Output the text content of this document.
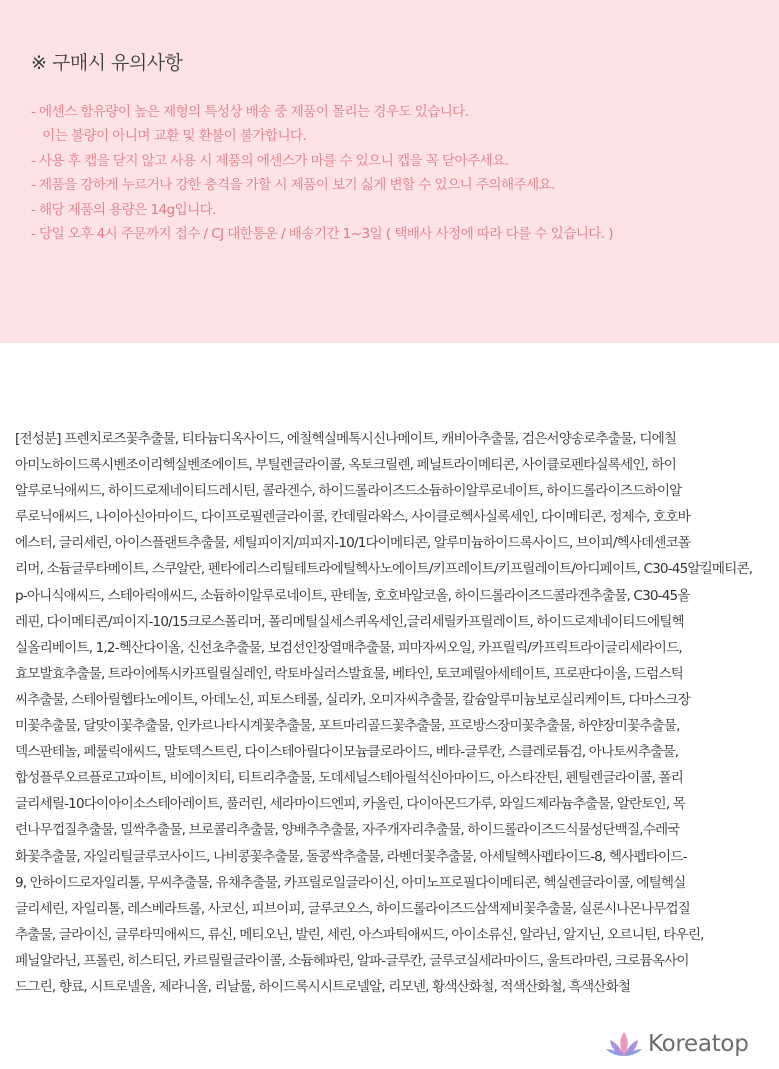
※ 구매시 유의사항
- 에센스 함유량이 높은 제형의 특성상 배송 중 제품이 몰리는 경우도 있습니다.
이는 불량이 아니며 교환 및 환불이 불가합니다.
- 사용 후 캡을 닫지 않고 사용 시 제품의 에센스가 마를 수 있으니 캡을 꼭 닫아주세요.
- 제품을 강하게 누르거나 강한 충격을 가할 시 제품이 보기 싫게 변할 수 있으니 주의해주세요.
- 해당 제품의 용량은 14g입니다.
- 당일 오후 4시 주문까지 접수 / CJ 대한통운 / 배송기간 1~3일 ( 택배사 사정에 따라 다를 수 있습니다. )
[전성분] 프렌치로즈꽃추출물, 티타늄디옥사이드, 에칠헥실메톡시신나메이트, 캐비아추출물, 검은서양송로추출물, 디에칠
아미노하이드록시벤조이리헥실벤조에이트, 부틸렌글라이콜, 옥토크릴렌, 페닐트라이메티콘, 사이클로펜타실록세인, 하이
알루로닉애씨드, 하이드로제네이티드레시틴, 콜라겐수, 하이드롤라이즈드소듐하이알루로네이트, 하이드롤라이즈드하이알
루로닉애씨드, 나이아신아마이드, 다이프로필렌글라이콜, 칸데릴라왁스, 사이클로헥사실록세인, 다이메티콘, 정제수, 호호바
에스터, 글리세린, 아이스플랜트추출물, 세틸피이지/피피지-10/1다이메티콘, 알루미늄하이드록사이드, 브이피/헥사데센코폴
리머, 소듐글루타메이트, 스쿠알란, 펜타에리스리틸테트라에틸헥사노에이트/키프레이트/키프릴레이트/아디페이트, C30-45알킬메티콘,
p-아니식애씨드, 스테아릭애씨드, 소듐하이알루로네이트, 판테놀, 호호바알코올, 하이드롤라이즈드콜라겐추출물, C30-45올
레핀, 다이메티콘/피이지-10/15크로스폴리머, 폴리메틸실세스퀴옥세인,글리세릴카프릴레이트, 하이드로제네이티드에틸헥
실올리베이트, 1,2-헥산다이올, 신선초추출물, 보검선인장열매추출물, 피마자씨오일, 카프릴릭/카프릭트라이글리세라이드,
효모발효추출물, 트라이에톡시카프릴릴실레인, 락토바실러스발효물, 베타인, 토코페릴아세테이트, 프로판다이올, 드럼스틱
씨추출물, 스테아릴헵타노에이트, 아데노신, 피토스테롤, 실리카, 오미자씨추출물, 칼슘알루미늄보로실리케이트, 다마스크장
미꽃추출물, 달맞이꽃추출물, 인카르나타시계꽃추출물, 포트마리골드꽃추출물, 프로방스장미꽃추출물, 하얀장미꽃추출물,
덱스판테놀, 페룰릭애씨드, 말토덱스트린, 다이스테아릴다이모늄클로라이드, 베타-글루칸, 스클레로튬검, 아나토씨추출물,
합성플루오르플로고파이트, 비에이치티, 티트리추출물, 도데세닐스테아릴석신아마이드, 아스타잔틴, 펜틸렌글라이콜, 폴리
글리세릴-10다이아이소스테아레이트, 풀러린, 세라마이드엔피, 카올린, 다이아몬드가루, 와일드제라늄추출물, 알란토인, 목
련나무껍질추출물, 밀싹추출물, 브로콜리추출물, 양배추추출물, 자주개자리추출물, 하이드롤라이즈드식물성단백질,수레국
화꽃추출물, 자일리틸글루코사이드, 나비콩꽃추출물, 돌콩싹추출물, 라벤더꽃추출물, 아세틸헥사펩타이드-8, 헥사펩타이드-
9, 안하이드로자일리톨, 무씨추출물, 유채추출물, 카프릴로일글라이신, 아미노프로필다이메티콘, 헥실렌글라이콜, 에틸헥실
글리세린, 자일리톨, 레스베라트롤, 사코신, 피브이피, 글루코오스, 하이드롤라이즈드삼색제비꽃추출물, 실론시나몬나무껍질
추출물, 글라이신, 글루타믹애씨드, 류신, 메티오닌, 발린, 세린, 아스파틱애씨드, 아이소류신, 알라닌, 알지닌, 오르니틴, 타우린,
페닐알라닌, 프롤린, 히스티딘, 카르릴릴글라이콜, 소듐헤파린, 알파-글루칸, 글루코실세라마이드, 울트라마린, 크로뮴옥사이
드그린, 향료, 시트로넬올, 제라니올, 리날룰, 하이드록시시트로넬알, 리모넨, 황색산화철, 적색산화철, 흑색산화철
Koreatop
